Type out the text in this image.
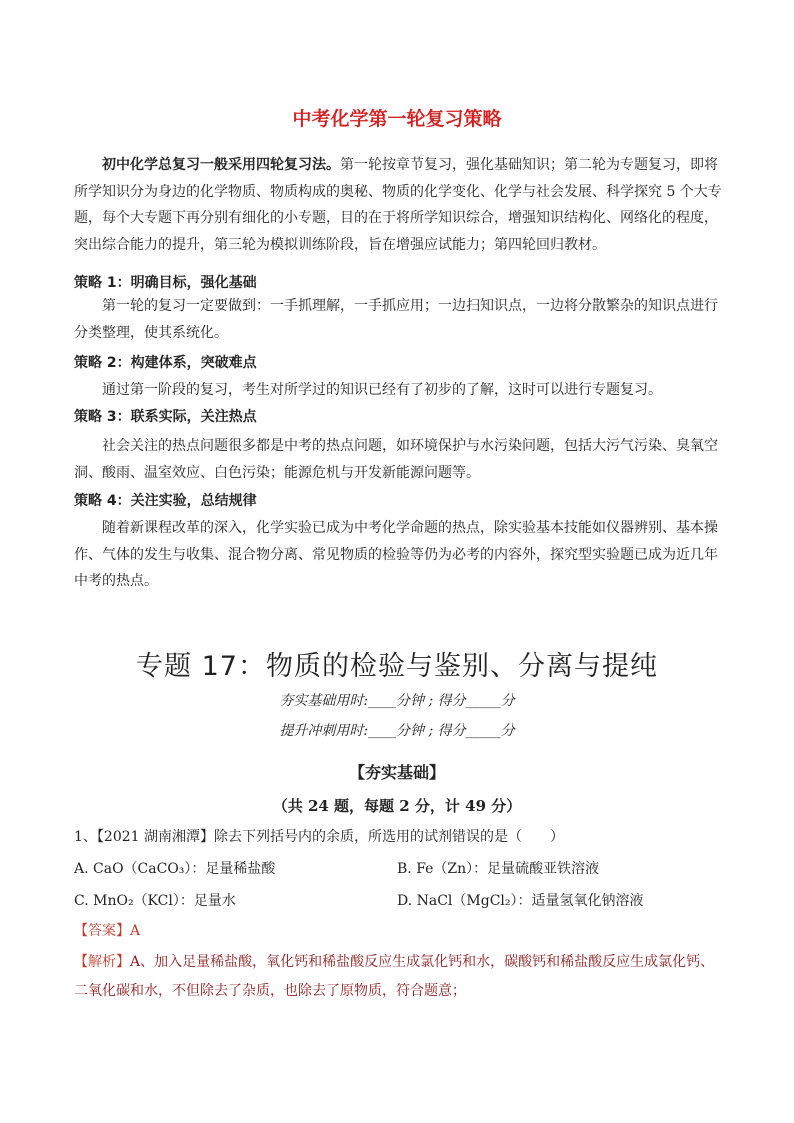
中考化学第一轮复习策略
初中化学总复习一般采用四轮复习法。第一轮按章节复习，强化基础知识；第二轮为专题复习，即将所学知识分为身边的化学物质、物质构成的奥秘、物质的化学变化、化学与社会发展、科学探究 5 个大专题，每个大专题下再分别有细化的小专题，目的在于将所学知识综合，增强知识结构化、网络化的程度，突出综合能力的提升，第三轮为模拟训练阶段，旨在增强应试能力；第四轮回归教材。
策略 1：明确目标，强化基础
第一轮的复习一定要做到：一手抓理解，一手抓应用；一边扫知识点，一边将分散繁杂的知识点进行分类整理，使其系统化。
策略 2：构建体系，突破难点
通过第一阶段的复习，考生对所学过的知识已经有了初步的了解，这时可以进行专题复习。
策略 3：联系实际，关注热点
社会关注的热点问题很多都是中考的热点问题，如环境保护与水污染问题，包括大污气污染、臭氧空洞、酸雨、温室效应、白色污染；能源危机与开发新能源问题等。
策略 4：关注实验，总结规律
随着新课程改革的深入，化学实验已成为中考化学命题的热点，除实验基本技能如仪器辨别、基本操作、气体的发生与收集、混合物分离、常见物质的检验等仍为必考的内容外，探究型实验题已成为近几年中考的热点。
专题 17：物质的检验与鉴别、分离与提纯
夯实基础用时:____分钟 ; 得分_____分
提升冲刺用时:____分钟 ; 得分_____分
【夯实基础】
（共 24 题，每题 2 分，计 49 分）
1、【2021 湖南湘潭】除去下列括号内的余质，所选用的试剂错误的是（　　）
A. CaO（CaCO₃）：足量稀盐酸	B. Fe（Zn）：足量硫酸亚铁溶液
C. MnO₂（KCl）：足量水	D. NaCl（MgCl₂）：适量氢氧化钠溶液
【答案】A
【解析】A、加入足量稀盐酸，氧化钙和稀盐酸反应生成氯化钙和水，碳酸钙和稀盐酸反应生成氯化钙、二氧化碳和水，不但除去了杂质，也除去了原物质，符合题意；
